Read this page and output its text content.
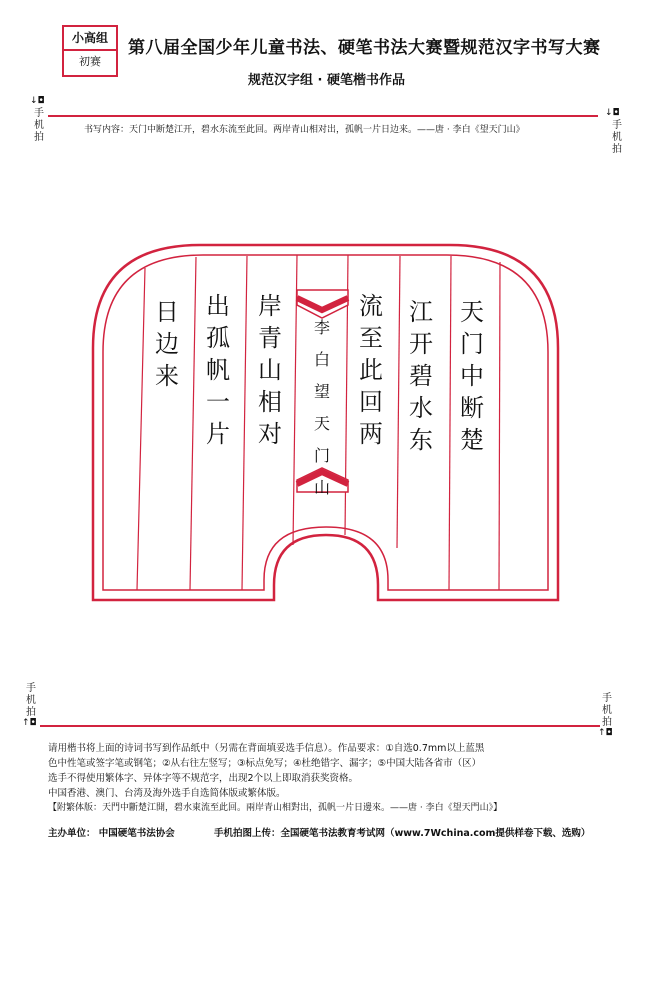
小高组
初赛
第八届全国少年儿童书法、硬笔书法大赛暨规范汉字书写大赛
规范汉字组 · 硬笔楷书作品
↓◘
手
机
拍
↓◘
手
机
拍
书写内容：天门中断楚江开，碧水东流至此回。两岸青山相对出，孤帆一片日边来。——唐 · 李白《望天门山》
天
门
中
断
楚
江
开
碧
水
东
流
至
此
回
两
岸
青
山
相
对
出
孤
帆
一
片
日
边
来
李
白
望
天
门
山
手
机
拍
↑◘
手
机
拍
↑◘
请用楷书将上面的诗词书写到作品纸中（另需在背面填妥选手信息）。作品要求：①自选0.7mm以上蓝黑
色中性笔或签字笔或钢笔；②从右往左竖写；③标点免写；④杜绝错字、漏字；⑤中国大陆各省市（区）
选手不得使用繁体字、异体字等不规范字，出现2个以上即取消获奖资格。
中国香港、澳门、台湾及海外选手自选简体版或繁体版。
【附繁体版：天門中斷楚江開，碧水東流至此回。兩岸青山相對出，孤帆一片日邊來。——唐 · 李白《望天門山》】
主办单位： 中国硬笔书法协会	手机拍图上传：全国硬笔书法教育考试网（www.7Wchina.com提供样卷下载、选购）
